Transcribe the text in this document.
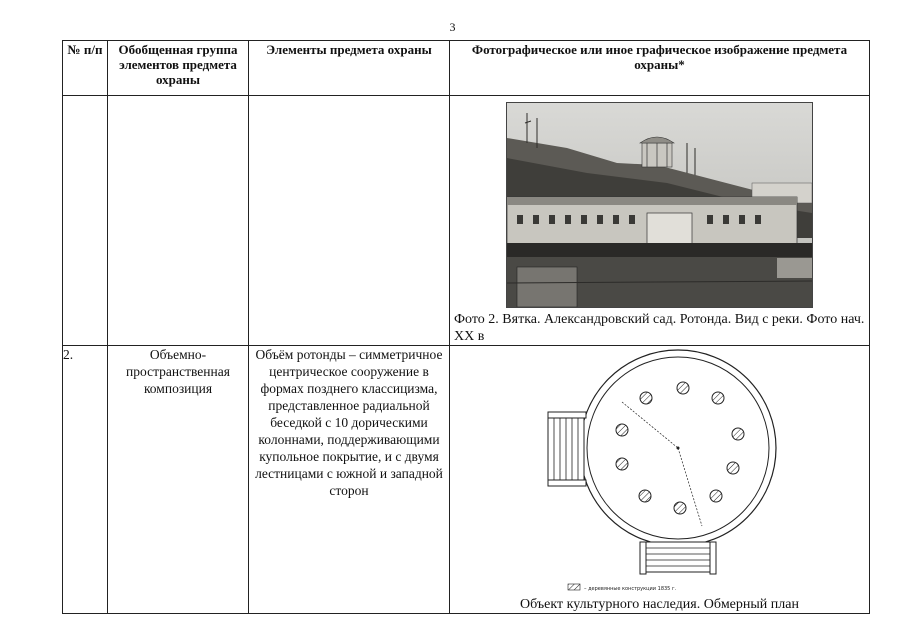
3
№ п/п	Обобщенная группа элементов предмета охраны	Элементы предмета охраны	Фотографическое или иное графическое изображение предмета охраны*

			Фото 2. Вятка. Александровский сад. Ротонда. Вид с реки. Фото нач. XX в

2.	Объемно-пространственная композиция	Объём ротонды – симметричное центрическое сооружение в формах позднего классицизма, представленное радиальной беседкой с 10 дорическими колоннами, поддерживающими купольное покрытие, и с двумя лестницами с южной и западной сторон	– деревянные конструкции 1835 г.
Объект культурного наследия. Обмерный план
